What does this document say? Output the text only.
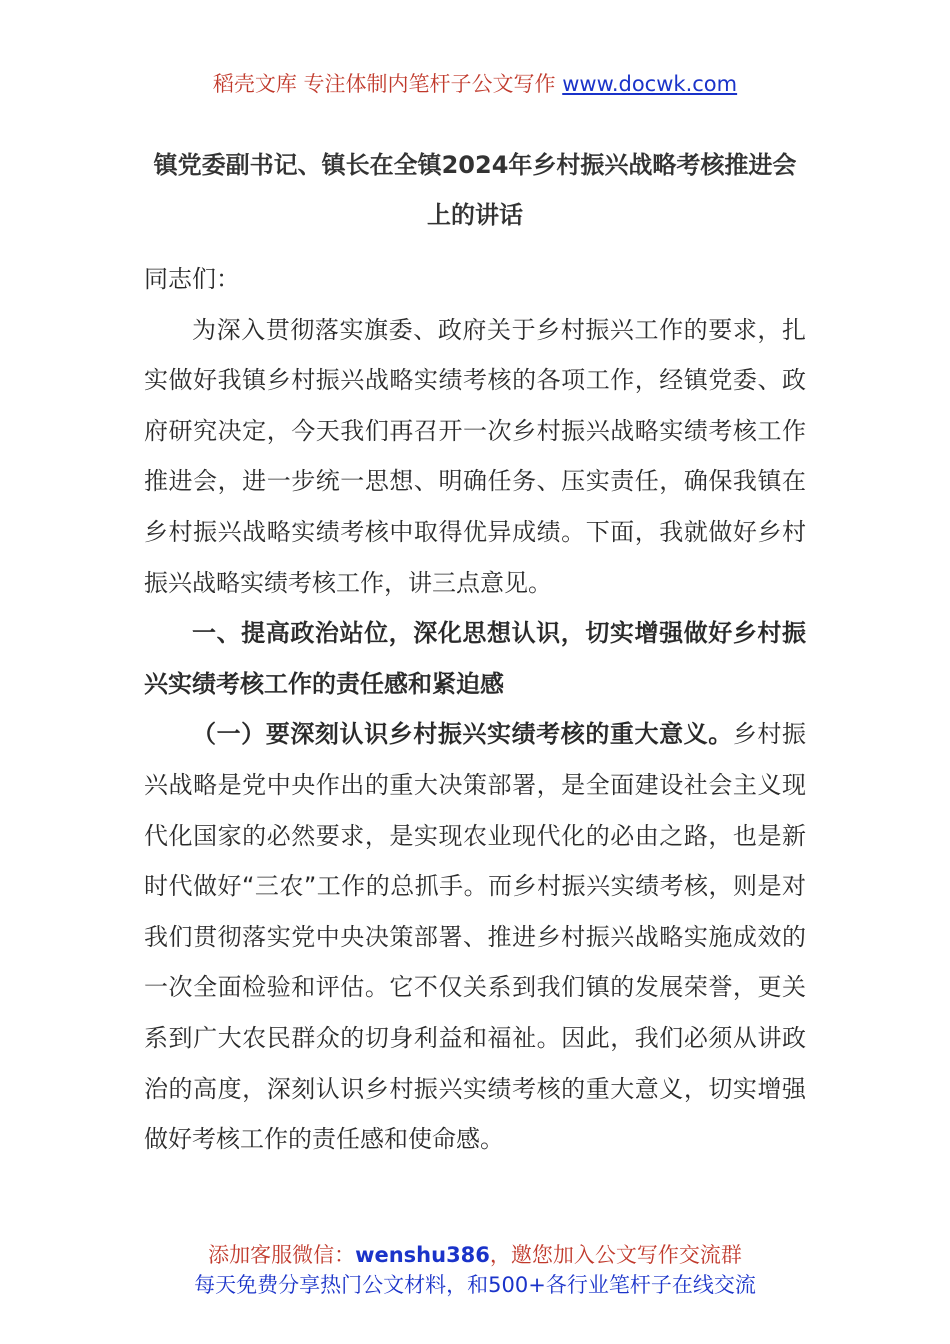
稻壳文库 专注体制内笔杆子公文写作 www.docwk.com
镇党委副书记、镇长在全镇2024年乡村振兴战略考核推进会上的讲话

同志们：

为深入贯彻落实旗委、政府关于乡村振兴工作的要求，扎实做好我镇乡村振兴战略实绩考核的各项工作，经镇党委、政府研究决定，今天我们再召开一次乡村振兴战略实绩考核工作推进会，进一步统一思想、明确任务、压实责任，确保我镇在乡村振兴战略实绩考核中取得优异成绩。下面，我就做好乡村振兴战略实绩考核工作，讲三点意见。

一、提高政治站位，深化思想认识，切实增强做好乡村振兴实绩考核工作的责任感和紧迫感

（一）要深刻认识乡村振兴实绩考核的重大意义。乡村振兴战略是党中央作出的重大决策部署，是全面建设社会主义现代化国家的必然要求，是实现农业现代化的必由之路，也是新时代做好“三农”工作的总抓手。而乡村振兴实绩考核，则是对我们贯彻落实党中央决策部署、推进乡村振兴战略实施成效的一次全面检验和评估。它不仅关系到我们镇的发展荣誉，更关系到广大农民群众的切身利益和福祉。因此，我们必须从讲政治的高度，深刻认识乡村振兴实绩考核的重大意义，切实增强做好考核工作的责任感和使命感。

添加客服微信：wenshu386，邀您加入公文写作交流群
每天免费分享热门公文材料，和500+各行业笔杆子在线交流
